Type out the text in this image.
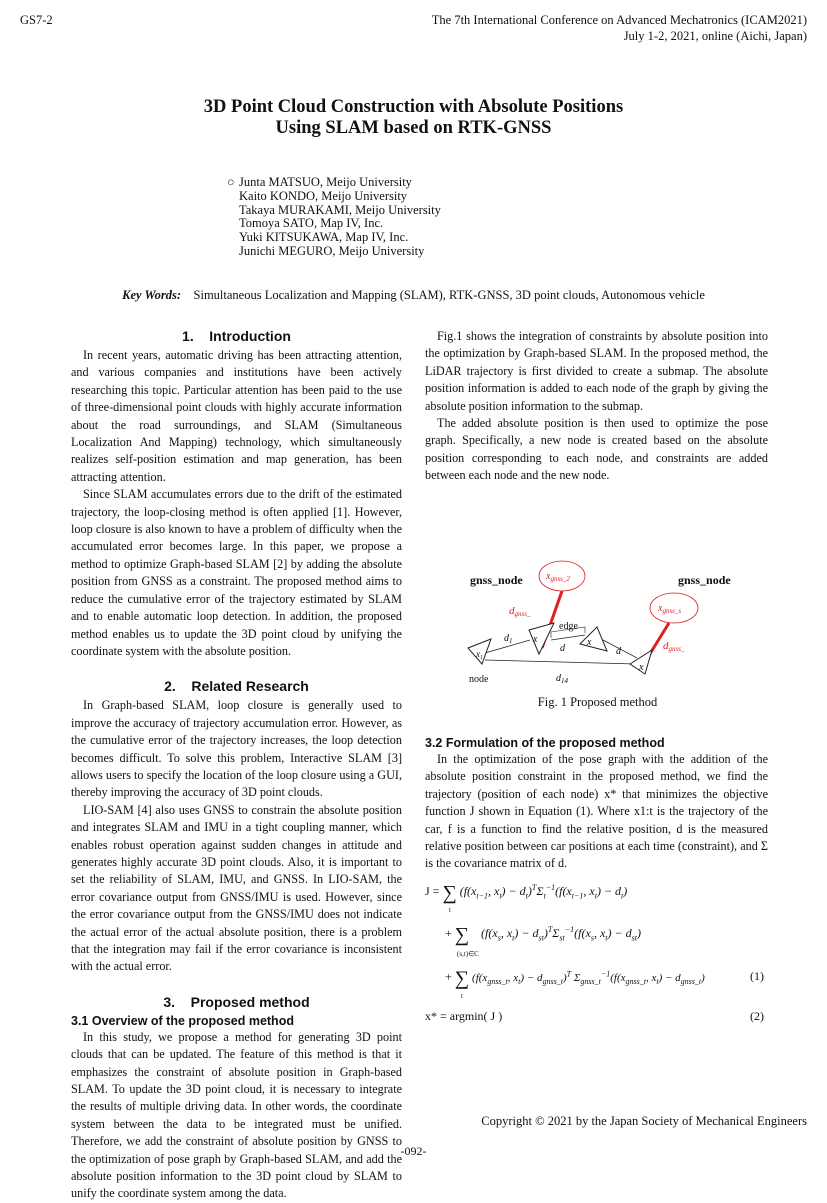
GS7-2	The 7th International Conference on Advanced Mechatronics (ICAM2021)
July 1-2, 2021, online (Aichi, Japan)
3D Point Cloud Construction with Absolute Positions
Using SLAM based on RTK-GNSS
○ Junta MATSUO, Meijo University
Kaito KONDO, Meijo University
Takaya MURAKAMI, Meijo University
Tomoya SATO, Map IV, Inc.
Yuki KITSUKAWA, Map IV, Inc.
Junichi MEGURO, Meijo University
Key Words: Simultaneous Localization and Mapping (SLAM), RTK-GNSS, 3D point clouds, Autonomous vehicle
1.    Introduction

In recent years, automatic driving has been attracting attention, and various companies and institutions have been actively researching this topic. Particular attention has been paid to the use of three-dimensional point clouds with highly accurate information about the road surroundings, and SLAM (Simultaneous Localization And Mapping) technology, which simultaneously realizes self-position estimation and map generation, has been attracting attention.

Since SLAM accumulates errors due to the drift of the estimated trajectory, the loop-closing method is often applied [1]. However, loop closure is also known to have a problem of difficulty when the accumulated error becomes large. In this paper, we propose a method to optimize Graph-based SLAM [2] by adding the absolute position from GNSS as a constraint. The proposed method aims to reduce the cumulative error of the trajectory estimated by SLAM and to enable automatic loop detection. In addition, the proposed method enables us to update the 3D point cloud by unifying the coordinate system with the absolute position.

2.    Related Research

In Graph-based SLAM, loop closure is generally used to improve the accuracy of trajectory accumulation error. However, as the cumulative error of the trajectory increases, the loop detection becomes difficult. To solve this problem, Interactive SLAM [3] allows users to specify the location of the loop closure using a GUI, thereby improving the accuracy of 3D point clouds.

LIO-SAM [4] also uses GNSS to constrain the absolute position and integrates SLAM and IMU in a tight coupling manner, which enables robust operation against sudden changes in attitude and generates highly accurate 3D point clouds. Also, it is important to set the reliability of SLAM, IMU, and GNSS. In LIO-SAM, the error covariance output from GNSS/IMU is used. However, since the error covariance output from the GNSS/IMU does not indicate the actual error of the actual absolute position, there is a problem that the integration may fail if the error covariance is inconsistent with the actual error.

3.    Proposed method
3.1 Overview of the proposed method

In this study, we propose a method for generating 3D point clouds that can be updated. The feature of this method is that it emphasizes the constraint of absolute position in Graph-based SLAM. To update the 3D point cloud, it is necessary to integrate the results of multiple driving data. In other words, the coordinate system between the data to be integrated must be unified. Therefore, we add the constraint of absolute position by GNSS to the optimization of pose graph by Graph-based SLAM, and add the absolute position information to the 3D point cloud by SLAM to unify the coordinate system among the data.

Fig.1 shows the integration of constraints by absolute position into the optimization by Graph-based SLAM. In the proposed method, the LiDAR trajectory is first divided to create a submap. The absolute position information is added to each node of the graph by giving the absolute position information to the submap.

The added absolute position is then used to optimize the pose graph. Specifically, a new node is created based on the absolute position corresponding to each node, and constraints are added between each node and the new node.

gnss_node	gnss_node
$x_{gnss\_2}$
$x_{gnss\_s}$
dgnss_
dgnss_
edge
$x_1$
x	x
x
$d_1$
d	d
$d_{14}$
node
Fig. 1 Proposed method
3.2 Formulation of the proposed method

In the optimization of the pose graph with the addition of the absolute position constraint in the proposed method, we find the trajectory (position of each node) x* that minimizes the objective function J shown in Equation (1). Where x1:t is the trajectory of the car, f is a function to find the relative position, d is the measured relative position between car positions at each time (constraint), and Σ is the covariance matrix of d.

J = ∑
t
($f(x_{t-1}$, $x_t) - d_t)^T\Sigma_t^{-1}(f(x_{t-1}$, $x_t) - d_t$)
+ ∑
(s,t)∈C
($f(x_s$, $x_t) - d_{st})^T\Sigma_{st}^{-1}(f(x_s$, $x_t) - d_{st}$)
+ ∑
t
($f(x_{gnss\_t}$, $x_t) - d_{gnss\_t})^T$ $\Sigma_{gnss\_t}^{-1}(f(x_{gnss\_t}$, $x_t) - d_{gnss\_t}$)	(1)
x* = argmin( J )	(2)
Copyright © 2021 by the Japan Society of Mechanical Engineers
-092-
